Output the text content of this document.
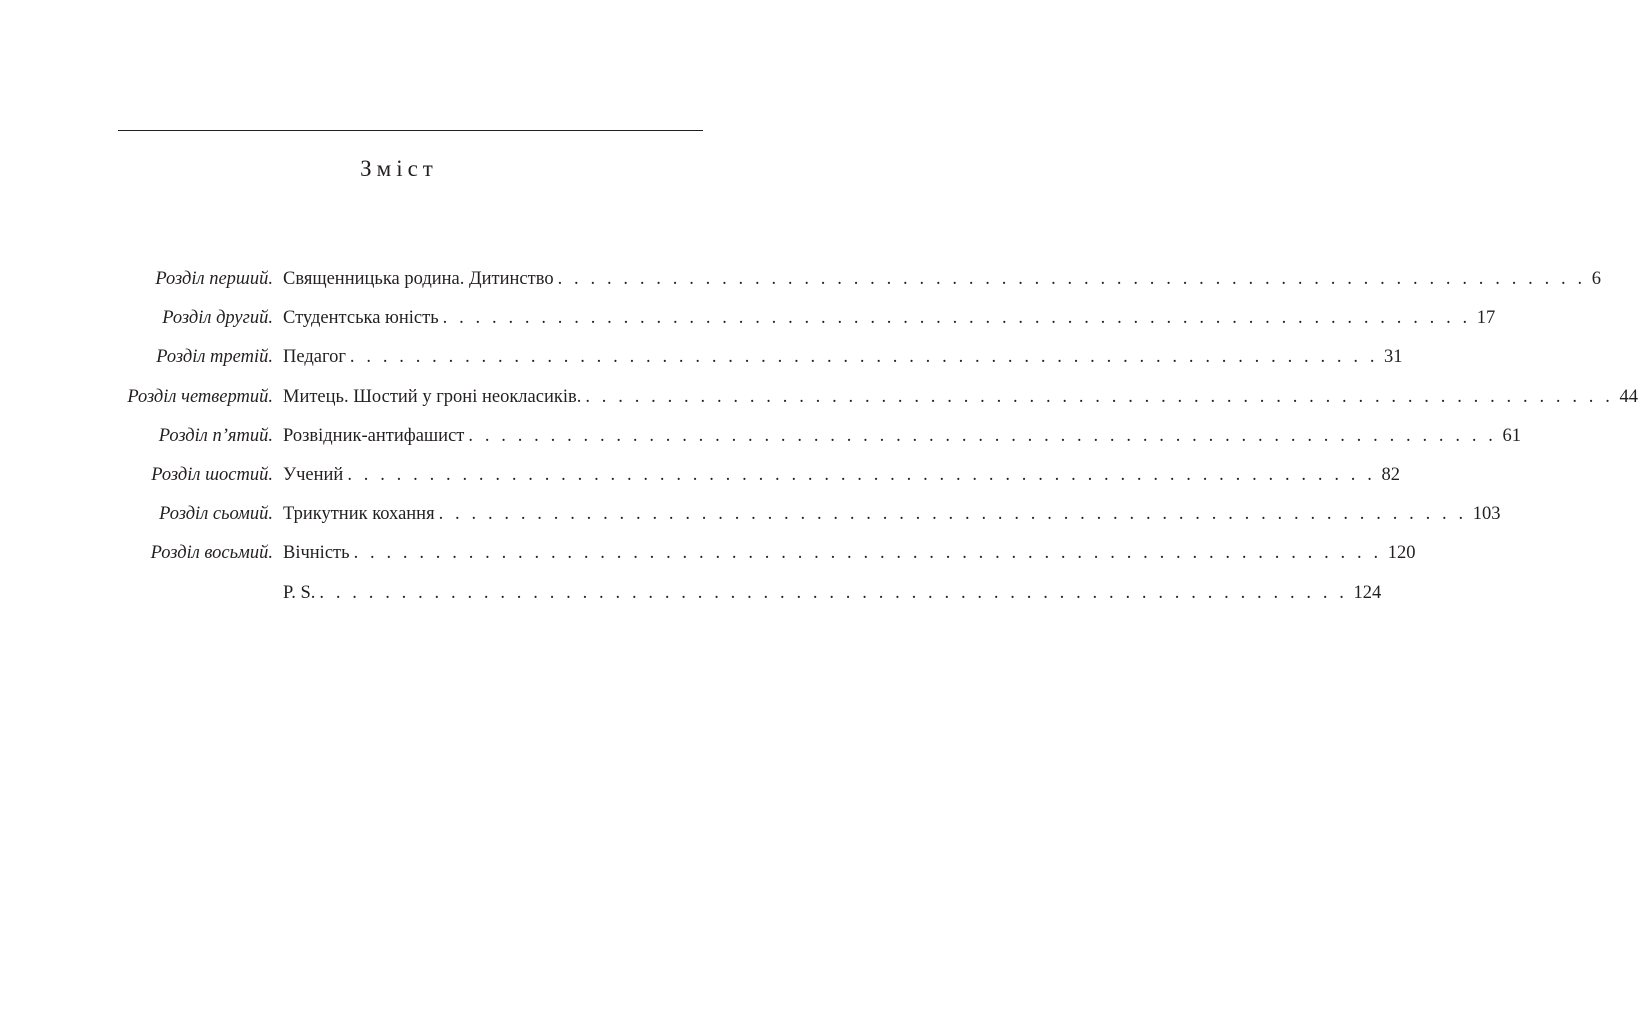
Зміст
Розділ перший. Священницька родина. Дитинство . . . . . . . . . . . . . . . . . . . . . . . . . . . . . . . . . . . . . . . . . . . . . . . . . . . . . . . . . . . . . . . 6
Розділ другий. Студентська юність . . . . . . . . . . . . . . . . . . . . . . . . . . . . . . . . . . . . . . . . . . . . . . . . . . . . . . . . . . . . . . . 17
Розділ третій. Педагог . . . . . . . . . . . . . . . . . . . . . . . . . . . . . . . . . . . . . . . . . . . . . . . . . . . . . . . . . . . . . . . 31
Розділ четвертий. Митець. Шостий у гроні неокласиків. . . . . . . . . . . . . . . . . . . . . . . . . . . . . . . . . . . . . . . . . . . . . . . . . . . . . . . . . . . . . . . . 44
Розділ п’ятий. Розвідник-антифашист . . . . . . . . . . . . . . . . . . . . . . . . . . . . . . . . . . . . . . . . . . . . . . . . . . . . . . . . . . . . . . . 61
Розділ шостий. Учений . . . . . . . . . . . . . . . . . . . . . . . . . . . . . . . . . . . . . . . . . . . . . . . . . . . . . . . . . . . . . . . 82
Розділ сьомий. Трикутник кохання . . . . . . . . . . . . . . . . . . . . . . . . . . . . . . . . . . . . . . . . . . . . . . . . . . . . . . . . . . . . . . . 103
Розділ восьмий. Вічність . . . . . . . . . . . . . . . . . . . . . . . . . . . . . . . . . . . . . . . . . . . . . . . . . . . . . . . . . . . . . . . 120
P. S. . . . . . . . . . . . . . . . . . . . . . . . . . . . . . . . . . . . . . . . . . . . . . . . . . . . . . . . . . . . . . . . 124
